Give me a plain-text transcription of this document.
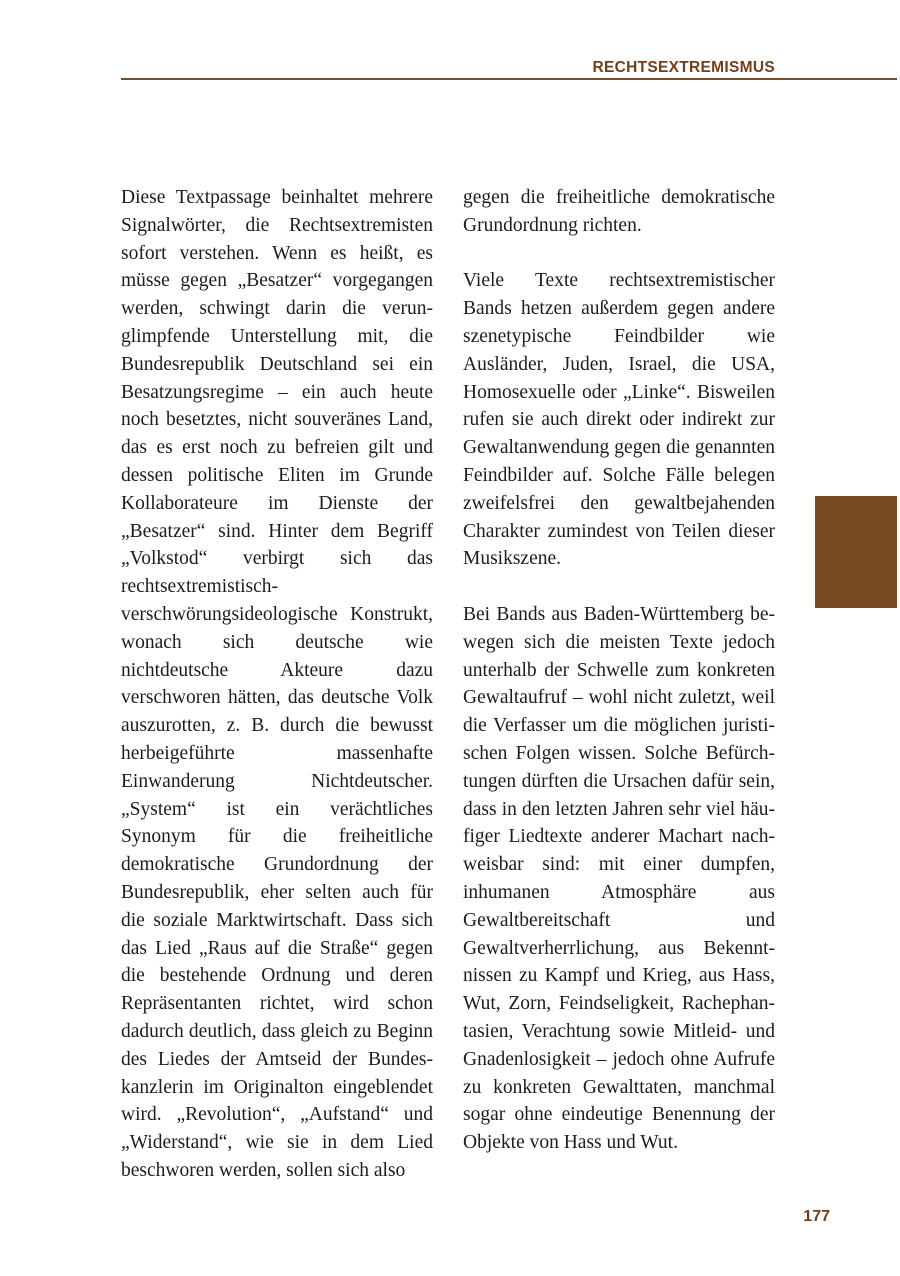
RECHTSEXTREMISMUS

Diese Textpassage beinhaltet mehrere Signalwörter, die Rechtsextremisten sofort verstehen. Wenn es heißt, es müsse gegen „Besatzer“ vorgegangen werden, schwingt darin die verunglimpfende Unterstellung mit, die Bundesrepublik Deutschland sei ein Besatzungsregime – ein auch heute noch besetztes, nicht souveränes Land, das es erst noch zu befreien gilt und dessen politische Eliten im Grunde Kollaborateure im Dienste der „Besatzer“ sind. Hinter dem Begriff „Volkstod“ verbirgt sich das rechtsextremistisch-verschwörungsideologische Konstrukt, wonach sich deutsche wie nichtdeutsche Akteure dazu verschworen hätten, das deutsche Volk auszurotten, z. B. durch die bewusst herbeigeführte massenhafte Einwanderung Nichtdeutscher. „System“ ist ein verächtliches Synonym für die freiheitliche demokratische Grundordnung der Bundesrepublik, eher selten auch für die soziale Marktwirtschaft. Dass sich das Lied „Raus auf die Straße“ gegen die bestehende Ordnung und deren Repräsentanten richtet, wird schon dadurch deutlich, dass gleich zu Beginn des Liedes der Amtseid der Bundeskanzlerin im Originalton eingeblendet wird. „Revolution“, „Aufstand“ und „Widerstand“, wie sie in dem Lied beschworen werden, sollen sich also

gegen die freiheitliche demokratische Grundordnung richten.

Viele Texte rechtsextremistischer Bands hetzen außerdem gegen andere szenetypische Feindbilder wie Ausländer, Juden, Israel, die USA, Homosexuelle oder „Linke“. Bisweilen rufen sie auch direkt oder indirekt zur Gewaltanwendung gegen die genannten Feindbilder auf. Solche Fälle belegen zweifelsfrei den gewaltbejahenden Charakter zumindest von Teilen dieser Musikszene.

Bei Bands aus Baden-Württemberg bewegen sich die meisten Texte jedoch unterhalb der Schwelle zum konkreten Gewaltaufruf – wohl nicht zuletzt, weil die Verfasser um die möglichen juristischen Folgen wissen. Solche Befürchtungen dürften die Ursachen dafür sein, dass in den letzten Jahren sehr viel häufiger Liedtexte anderer Machart nachweisbar sind: mit einer dumpfen, inhumanen Atmosphäre aus Gewaltbereitschaft und Gewaltverherrlichung, aus Bekenntnissen zu Kampf und Krieg, aus Hass, Wut, Zorn, Feindseligkeit, Rachephantasien, Verachtung sowie Mitleid- und Gnadenlosigkeit – jedoch ohne Aufrufe zu konkreten Gewalttaten, manchmal sogar ohne eindeutige Benennung der Objekte von Hass und Wut.

177
